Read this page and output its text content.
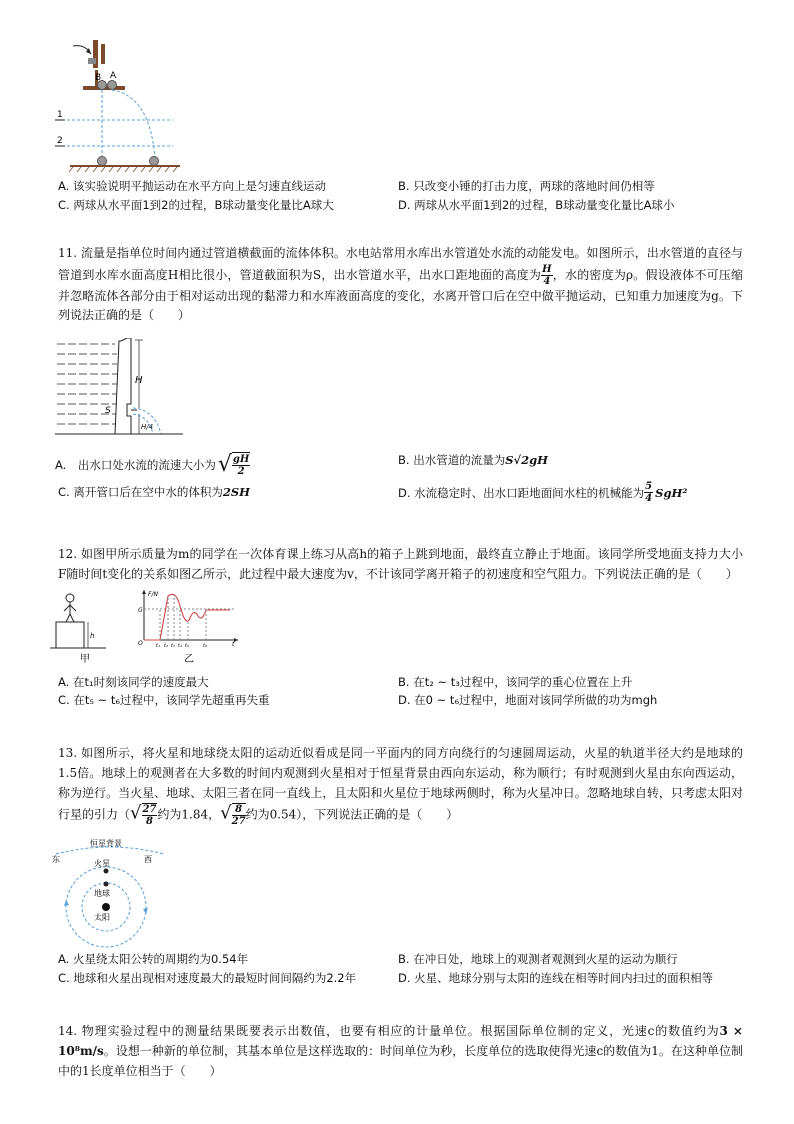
B A
1
2
A. 该实验说明平抛运动在水平方向上是匀速直线运动	B. 只改变小锤的打击力度，两球的落地时间仍相等
C. 两球从水平面1到2的过程，B球动量变化量比A球大	D. 两球从水平面1到2的过程，B球动量变化量比A球小

11. 流量是指单位时间内通过管道横截面的流体体积。水电站常用水库出水管道处水流的动能发电。如图所示，出水管道的直径与管道到水库水面高度H相比很小，管道截面积为S，出水管道水平，出水口距地面的高度为 $\frac{H}{4}$ ，水的密度为ρ。假设液体不可压缩并忽略流体各部分由于相对运动出现的黏滞力和水库液面高度的变化，水离开管口后在空中做平抛运动，已知重力加速度为g。下列说法正确的是（　　）

H
S
H/4
A.　出水口处水流的流速大小为 √ $\frac{gH}{2}$	B. 出水管道的流量为S√2gH
C. 离开管口后在空中水的体积为2SH	D. 水流稳定时、出水口距地面间水柱的机械能为 $\frac{5}{4} SgH^2$
12. 如图甲所示质量为m的同学在一次体育课上练习从高h的箱子上跳到地面，最终直立静止于地面。该同学所受地面支持力大小F随时间t变化的关系如图乙所示，此过程中最大速度为v，不计该同学离开箱子的初速度和空气阻力。下列说法正确的是（　　）
h
甲
F/N
G
O	t
t₁ t₂ t₃ t₄ t₅	t₆
乙
A. 在t₁时刻该同学的速度最大	B. 在t₂ ~ t₃过程中，该同学的重心位置在上升
C. 在t₅ ~ t₆过程中，该同学先超重再失重	D. 在0 ~ t₆过程中，地面对该同学所做的功为mgh

13. 如图所示，将火星和地球绕太阳的运动近似看成是同一平面内的同方向绕行的匀速圆周运动，火星的轨道半径大约是地球的1.5倍。地球上的观测者在大多数的时间内观测到火星相对于恒星背景由西向东运动，称为顺行；有时观测到火星由东向西运动，称为逆行。当火星、地球、太阳三者在同一直线上，且太阳和火星位于地球两侧时，称为火星冲日。忽略地球自转，只考虑太阳对行星的引力（√ $\frac{27}{8}$ 约为1.84，√ $\frac{8}{27}$ 约为0.54），下列说法正确的是（　　）

恒星背景
东	西
火星
地球
太阳
A. 火星绕太阳公转的周期约为0.54年	B. 在冲日处，地球上的观测者观测到火星的运动为顺行
C. 地球和火星出现相对速度最大的最短时间间隔约为2.2年	D. 火星、地球分别与太阳的连线在相等时间内扫过的面积相等

14. 物理实验过程中的测量结果既要表示出数值，也要有相应的计量单位。根据国际单位制的定义，光速c的数值约为3 × 10⁸m/s。设想一种新的单位制，其基本单位是这样选取的：时间单位为秒，长度单位的选取使得光速c的数值为1。在这种单位制中的1长度单位相当于（　　）
